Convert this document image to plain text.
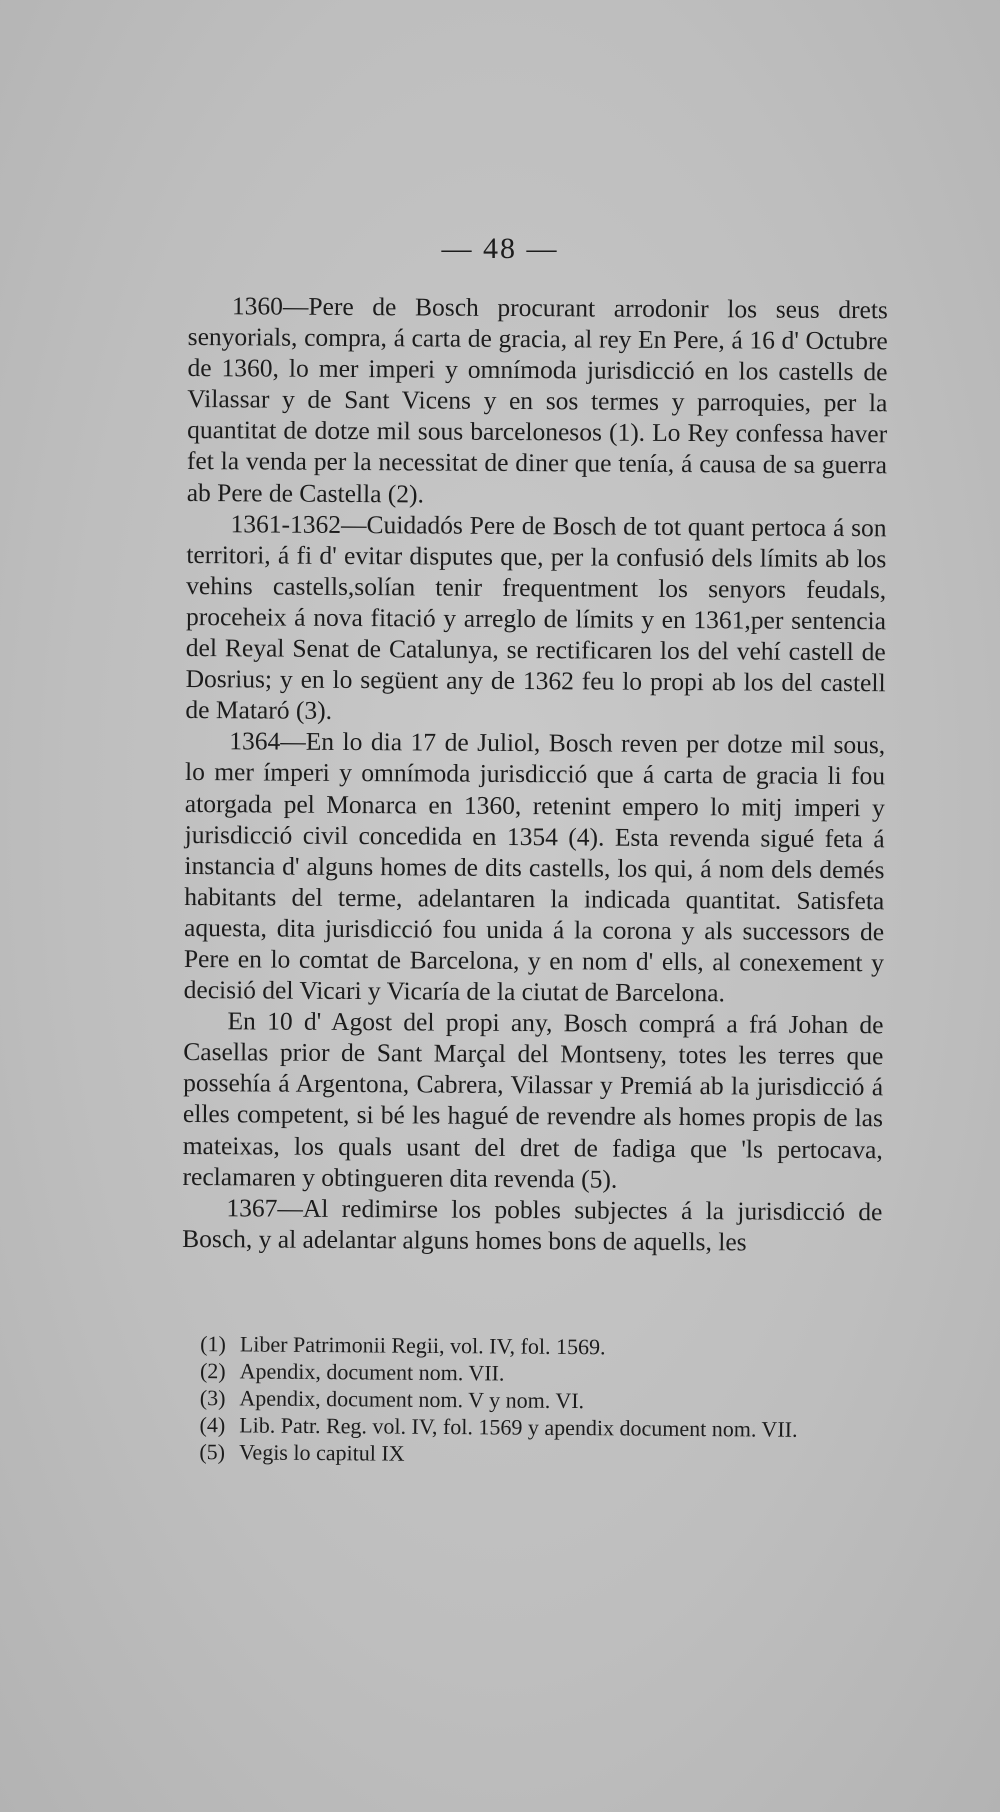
— 48 —

1360—Pere de Bosch procurant arrodonir los seus drets senyorials, compra, á carta de gracia, al rey En Pere, á 16 d' Octubre de 1360, lo mer imperi y omnímoda jurisdicció en los castells de Vilassar y de Sant Vicens y en sos termes y parroquies, per la quantitat de dotze mil sous barcelonesos (1). Lo Rey confessa haver fet la venda per la necessitat de diner que tenía, á causa de sa guerra ab Pere de Castella (2).

1361-1362—Cuidadós Pere de Bosch de tot quant pertoca á son territori, á fi d' evitar disputes que, per la confusió dels límits ab los vehins castells,solían tenir frequentment los senyors feudals, proceheix á nova fitació y arreglo de límits y en 1361,per sentencia del Reyal Senat de Catalunya, se rectificaren los del vehí castell de Dosrius; y en lo següent any de 1362 feu lo propi ab los del castell de Mataró (3).

1364—En lo dia 17 de Juliol, Bosch reven per dotze mil sous, lo mer ímperi y omnímoda jurisdicció que á carta de gracia li fou atorgada pel Monarca en 1360, retenint empero lo mitj imperi y jurisdicció civil concedida en 1354 (4). Esta revenda sigué feta á instancia d' alguns homes de dits castells, los qui, á nom dels demés habitants del terme, adelantaren la indicada quantitat. Satisfeta aquesta, dita jurisdicció fou unida á la corona y als successors de Pere en lo comtat de Barcelona, y en nom d' ells, al conexement y decisió del Vicari y Vicaría de la ciutat de Barcelona.

En 10 d' Agost del propi any, Bosch comprá a frá Johan de Casellas prior de Sant Marçal del Montseny, totes les terres que possehía á Argentona, Cabrera, Vilassar y Premiá ab la jurisdicció á elles competent, si bé les hagué de revendre als homes propis de las mateixas, los quals usant del dret de fadiga que 'ls pertocava, reclamaren y obtingueren dita revenda (5).

1367—Al redimirse los pobles subjectes á la jurisdicció de Bosch, y al adelantar alguns homes bons de aquells, les

(1) Liber Patrimonii Regii, vol. IV, fol. 1569.
(2) Apendix, document nom. VII.
(3) Apendix, document nom. V y nom. VI.
(4) Lib. Patr. Reg. vol. IV, fol. 1569 y apendix document nom. VII.
(5) Vegis lo capitul IX
